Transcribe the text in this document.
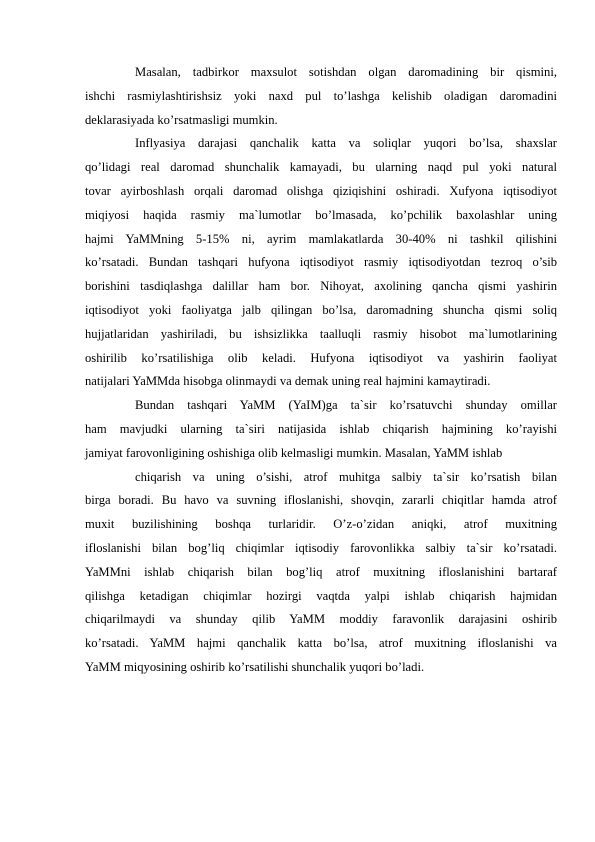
Masalan, tadbirkor maxsulot sotishdan olgan daromadining bir qismini,
ishchi rasmiylashtirishsiz yoki naxd pul to’lashga kelishib oladigan daromadini
deklarasiyada ko’rsatmasligi mumkin.

Inflyasiya darajasi qanchalik katta va soliqlar yuqori bo’lsa, shaxslar
qo’lidagi real daromad shunchalik kamayadi, bu ularning naqd pul yoki natural
tovar ayirboshlash orqali daromad olishga qiziqishini oshiradi. Xufyona iqtisodiyot
miqiyosi haqida rasmiy ma`lumotlar bo’lmasada, ko’pchilik baxolashlar uning
hajmi YaMMning 5-15% ni, ayrim mamlakatlarda 30-40% ni tashkil qilishini
ko’rsatadi. Bundan tashqari hufyona iqtisodiyot rasmiy iqtisodiyotdan tezroq o’sib
borishini tasdiqlashga dalillar ham bor. Nihoyat, axolining qancha qismi yashirin
iqtisodiyot yoki faoliyatga jalb qilingan bo’lsa, daromadning shuncha qismi soliq
hujjatlaridan yashiriladi, bu ishsizlikka taalluqli rasmiy hisobot ma`lumotlarining
oshirilib ko’rsatilishiga olib keladi. Hufyona iqtisodiyot va yashirin faoliyat
natijalari YaMMda hisobga olinmaydi va demak uning real hajmini kamaytiradi.

Bundan tashqari YaMM (YaIM)ga ta`sir ko’rsatuvchi shunday omillar
ham mavjudki ularning ta`siri natijasida ishlab chiqarish hajmining ko’rayishi
jamiyat farovonligining oshishiga olib kelmasligi mumkin. Masalan, YaMM ishlab

chiqarish va uning o’sishi, atrof muhitga salbiy ta`sir ko’rsatish bilan
birga boradi. Bu havo va suvning ifloslanishi, shovqin, zararli chiqitlar hamda atrof
muxit buzilishining boshqa turlaridir. O’z-o’zidan aniqki, atrof muxitning
ifloslanishi bilan bog’liq chiqimlar iqtisodiy farovonlikka salbiy ta`sir ko’rsatadi.
YaMMni ishlab chiqarish bilan bog’liq atrof muxitning ifloslanishini bartaraf
qilishga ketadigan chiqimlar hozirgi vaqtda yalpi ishlab chiqarish hajmidan
chiqarilmaydi va shunday qilib YaMM moddiy faravonlik darajasini oshirib
ko’rsatadi. YaMM hajmi qanchalik katta bo’lsa, atrof muxitning ifloslanishi va
YaMM miqyosining oshirib ko’rsatilishi shunchalik yuqori bo’ladi.
